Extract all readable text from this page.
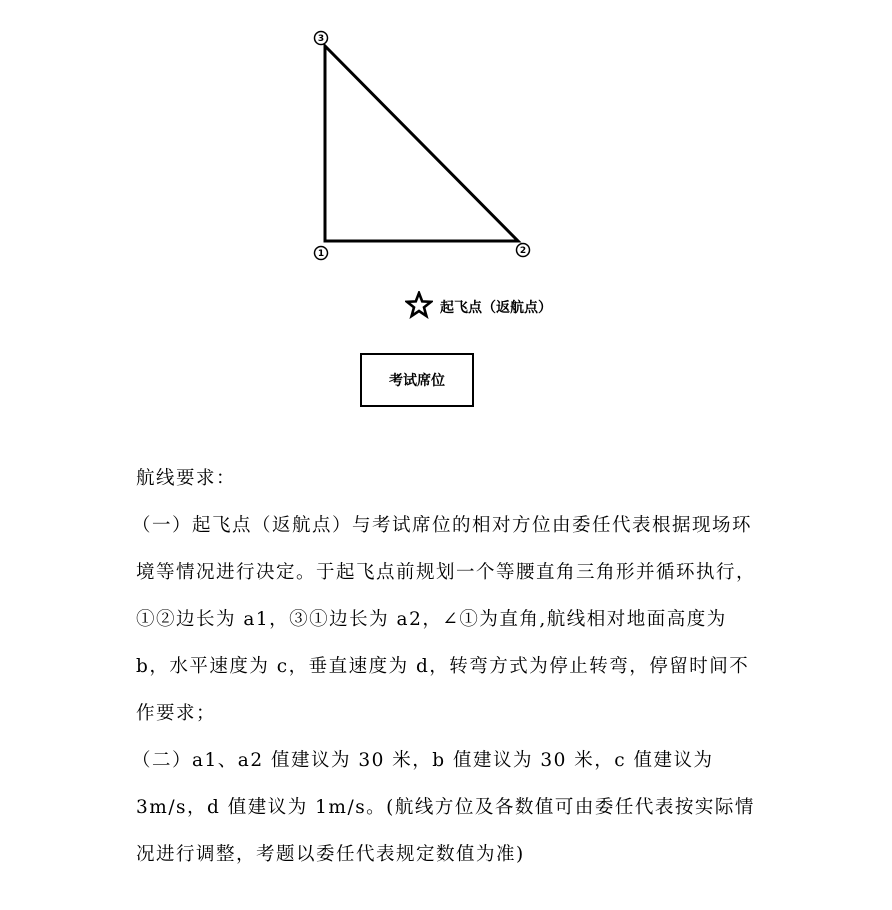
3
1	2
起飞点（返航点）
考试席位

航线要求：

（一）起飞点（返航点）与考试席位的相对方位由委任代表根据现场环境等情况进行决定。于起飞点前规划一个等腰直角三角形并循环执行，①②边长为 a1，③①边长为 a2，∠①为直角,航线相对地面高度为 b，水平速度为 c，垂直速度为 d，转弯方式为停止转弯，停留时间不作要求；

（二）a1、a2 值建议为 30 米，b 值建议为 30 米，c 值建议为 3m/s，d 值建议为 1m/s。(航线方位及各数值可由委任代表按实际情况进行调整，考题以委任代表规定数值为准)
